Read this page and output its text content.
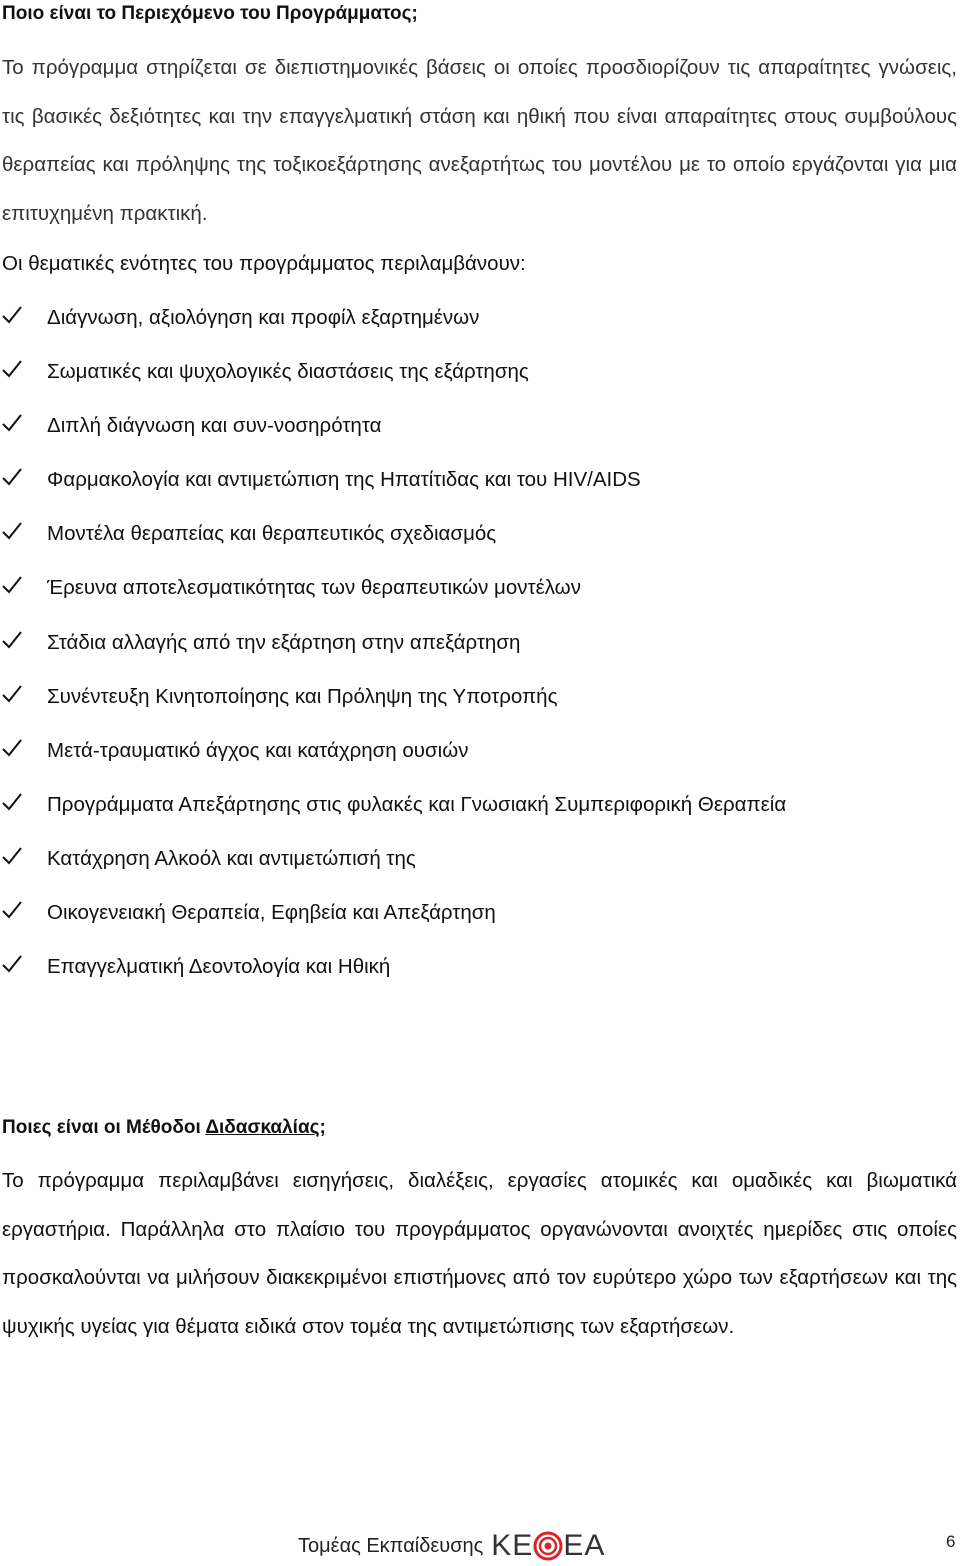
Ποιο είναι το Περιεχόμενο του Προγράμματος;

Το πρόγραμμα στηρίζεται σε διεπιστημονικές βάσεις οι οποίες προσδιορίζουν τις απαραίτητες γνώσεις, τις βασικές δεξιότητες και την επαγγελματική στάση και ηθική που είναι απαραίτητες στους συμβούλους θεραπείας και πρόληψης της τοξικοεξάρτησης ανεξαρτήτως του μοντέλου με το οποίο εργάζονται για μια επιτυχημένη πρακτική.

Οι θεματικές ενότητες του προγράμματος περιλαμβάνουν:

Διάγνωση, αξιολόγηση και προφίλ εξαρτημένων
Σωματικές και ψυχολογικές διαστάσεις της εξάρτησης
Διπλή διάγνωση και συν-νοσηρότητα
Φαρμακολογία και αντιμετώπιση της Ηπατίτιδας και του HIV/AIDS
Μοντέλα θεραπείας και θεραπευτικός σχεδιασμός
Έρευνα αποτελεσματικότητας των θεραπευτικών μοντέλων
Στάδια αλλαγής από την εξάρτηση στην απεξάρτηση
Συνέντευξη Κινητοποίησης και Πρόληψη της Υποτροπής
Μετά-τραυματικό άγχος και κατάχρηση ουσιών
Προγράμματα Απεξάρτησης στις φυλακές και Γνωσιακή Συμπεριφορική Θεραπεία
Κατάχρηση Αλκοόλ και αντιμετώπισή της
Οικογενειακή Θεραπεία, Εφηβεία και Απεξάρτηση
Επαγγελματική Δεοντολογία και Ηθική
Ποιες είναι οι Μέθοδοι Διδασκαλίας;

Το πρόγραμμα περιλαμβάνει εισηγήσεις, διαλέξεις, εργασίες ατομικές και ομαδικές και βιωματικά εργαστήρια. Παράλληλα στο πλαίσιο του προγράμματος οργανώνονται ανοιχτές ημερίδες στις οποίες προσκαλούνται να μιλήσουν διακεκριμένοι επιστήμονες από τον ευρύτερο χώρο των εξαρτήσεων και της ψυχικής υγείας για θέματα ειδικά στον τομέα της αντιμετώπισης των εξαρτήσεων.

Τομέας Εκπαίδευσης KE EA	6
